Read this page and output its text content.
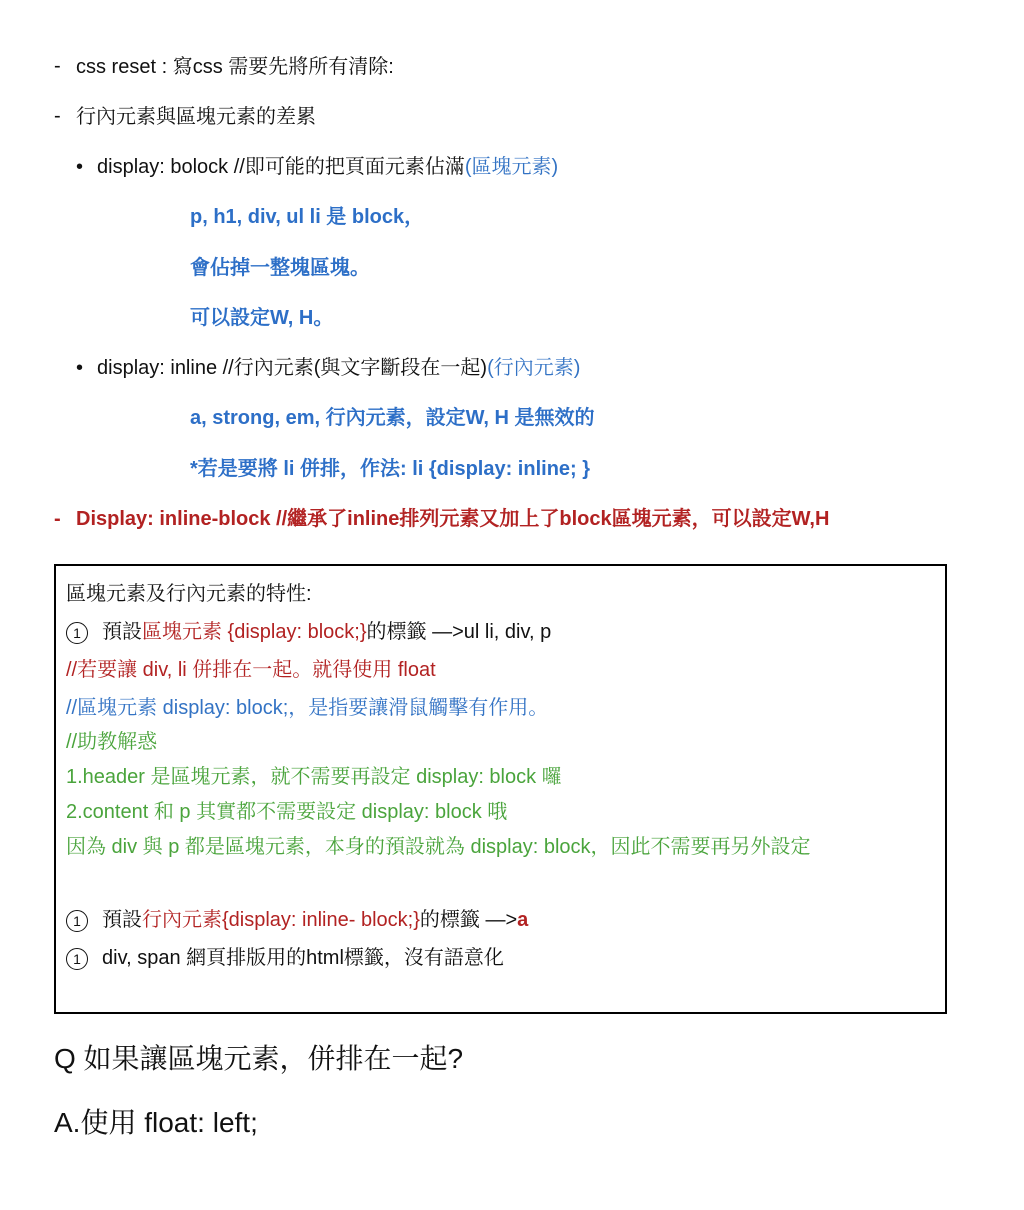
- css reset : 寫css 需要先將所有清除:
- 行內元素與區塊元素的差累
• display: bolock //即可能的把頁面元素佔滿(區塊元素)
p, h1, div, ul li 是 block，
會佔掉一整塊區塊。
可以設定W, H。
• display: inline //行內元素(與文字斷段在一起)(行內元素)
a, strong, em, 行內元素，設定W, H 是無效的
*若是要將 li 併排，作法: li {display: inline; }
- Display: inline-block //繼承了inline排列元素又加上了block區塊元素，可以設定W,H
區塊元素及行內元素的特性:
1 預設區塊元素 {display: block;}的標籤 —>ul li, div, p
//若要讓 div, li 併排在一起。就得使用 float
//區塊元素 display: block;，是指要讓滑鼠觸擊有作用。
//助教解惑
1.header 是區塊元素，就不需要再設定 display: block 囉
2.content 和 p 其實都不需要設定 display: block 哦
因為 div 與 p 都是區塊元素，本身的預設就為 display: block，因此不需要再另外設定
1 預設行內元素{display: inline- block;}的標籤 —>a
1 div, span 網頁排版用的html標籤，沒有語意化
Q 如果讓區塊元素，併排在一起?
A.使用 float: left;
